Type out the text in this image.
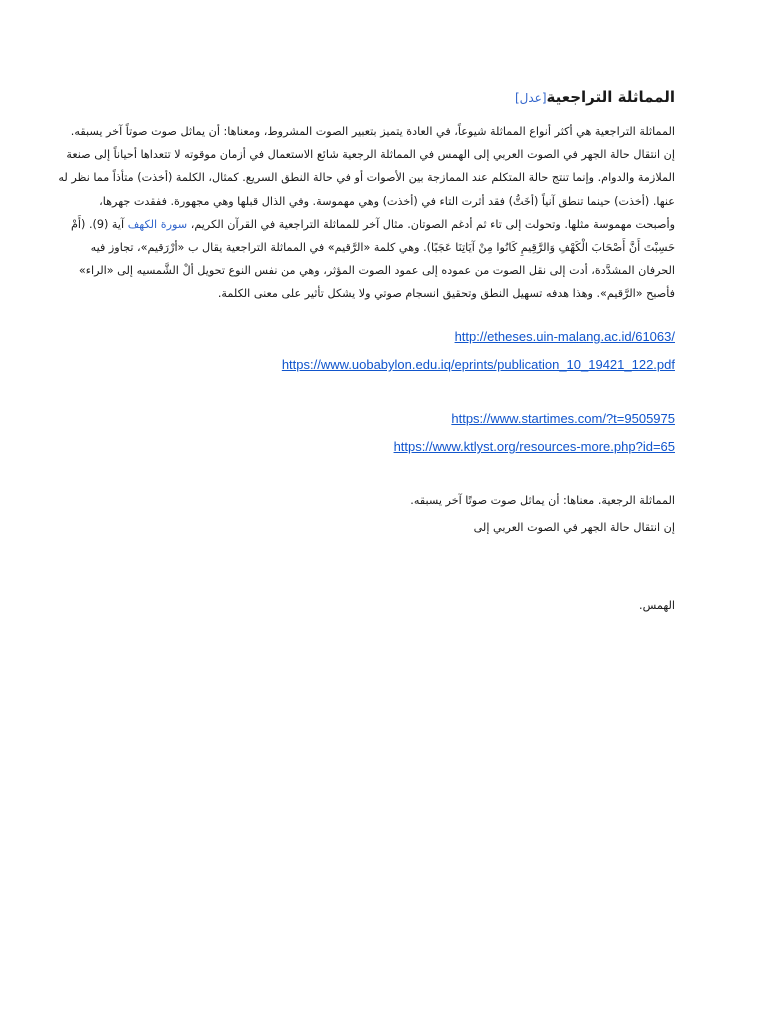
المماثلة التراجعية[عدل]
المماثلة التراجعية هي أكثر أنواع المماثلة شيوعاً، في العادة يتميز بتعبير الصوت المشروط، ومعناها: أن يماثل صوت صوتاً آخر يسبقه.
إن انتقال حالة الجهر في الصوت العربي إلى الهمس في المماثلة الرجعية شائع الاستعمال في أزمان موقوته لا تتعداها أحياناً إلى صنعة
الملازمة والدوام. وإنما تنتج حالة المتكلم عند الممازجة بين الأصوات أو في حالة النطق السريع. كمثال، الكلمة (أخذت) متأذاً مما نظر له
عنها. (أخذت) حينما تنطق آنياً (أخَتُّ) فقد أثرت التاء في (أخذت) وهي مهموسة. وفي الذال قبلها وهي مجهورة. ففقدت جهرها،
وأصبحت مهموسة مثلها. وتحولت إلى تاء ثم أدغم الصوتان. مثال آخر للمماثلة التراجعية في القرآن الكريم، سورة الكهف آية (9). (أَمْ
حَسِبْتَ أَنَّ أَصْحَابَ الْكَهْفِ وَالرَّقِيمِ كَانُوا مِنْ آيَاتِنَا عَجَبًا). وهي كلمة «الرَّقيم» في المماثلة التراجعية يقال ب «أرْرَقيم»، تجاوز فيه
الحرفان المشدَّدة، أدت إلى نقل الصوت من عموده إلى عمود الصوت المؤثر، وهي من نفس النوع تحويل ألْ الشَّمسيه إلى «الراء»
فأصبح «الرَّقيم». وهذا هدفه تسهيل النطق وتحقيق انسجام صوتي ولا يشكل تأثير على معنى الكلمة.
http://etheses.uin-malang.ac.id/61063/
https://www.uobabylon.edu.iq/eprints/publication_10_19421_122.pdf
https://www.startimes.com/?t=9505975
https://www.ktlyst.org/resources-more.php?id=65
المماثلة الرجعية. معناها: أن يماثل صوت صوتًا آخر يسبقه.
إن انتقال حالة الجهر في الصوت العربي إلى
الهمس.
